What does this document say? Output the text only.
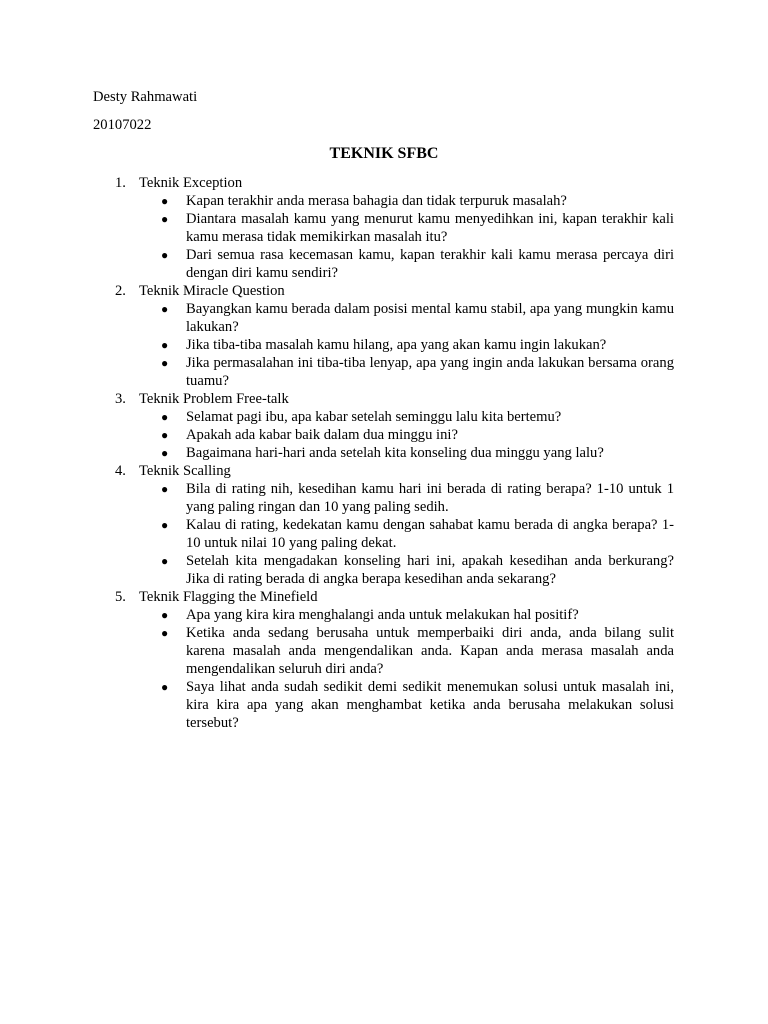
Desty Rahmawati
20107022
TEKNIK SFBC
1. Teknik Exception
● Kapan terakhir anda merasa bahagia dan tidak terpuruk masalah?
● Diantara masalah kamu yang menurut kamu menyedihkan ini, kapan terakhir kali kamu merasa tidak memikirkan masalah itu?
● Dari semua rasa kecemasan kamu, kapan terakhir kali kamu merasa percaya diri dengan diri kamu sendiri?
2. Teknik Miracle Question
● Bayangkan kamu berada dalam posisi mental kamu stabil, apa yang mungkin kamu lakukan?
● Jika tiba-tiba masalah kamu hilang, apa yang akan kamu ingin lakukan?
● Jika permasalahan ini tiba-tiba lenyap, apa yang ingin anda lakukan bersama orang tuamu?
3. Teknik Problem Free-talk
● Selamat pagi ibu, apa kabar setelah seminggu lalu kita bertemu?
● Apakah ada kabar baik dalam dua minggu ini?
● Bagaimana hari-hari anda setelah kita konseling dua minggu yang lalu?
4. Teknik Scalling
● Bila di rating nih, kesedihan kamu hari ini berada di rating berapa? 1-10 untuk 1 yang paling ringan dan 10 yang paling sedih.
● Kalau di rating, kedekatan kamu dengan sahabat kamu berada di angka berapa? 1-10 untuk nilai 10 yang paling dekat.
● Setelah kita mengadakan konseling hari ini, apakah kesedihan anda berkurang? Jika di rating berada di angka berapa kesedihan anda sekarang?
5. Teknik Flagging the Minefield
● Apa yang kira kira menghalangi anda untuk melakukan hal positif?
● Ketika anda sedang berusaha untuk memperbaiki diri anda, anda bilang sulit karena masalah anda mengendalikan anda. Kapan anda merasa masalah anda mengendalikan seluruh diri anda?
● Saya lihat anda sudah sedikit demi sedikit menemukan solusi untuk masalah ini, kira kira apa yang akan menghambat ketika anda berusaha melakukan solusi tersebut?
